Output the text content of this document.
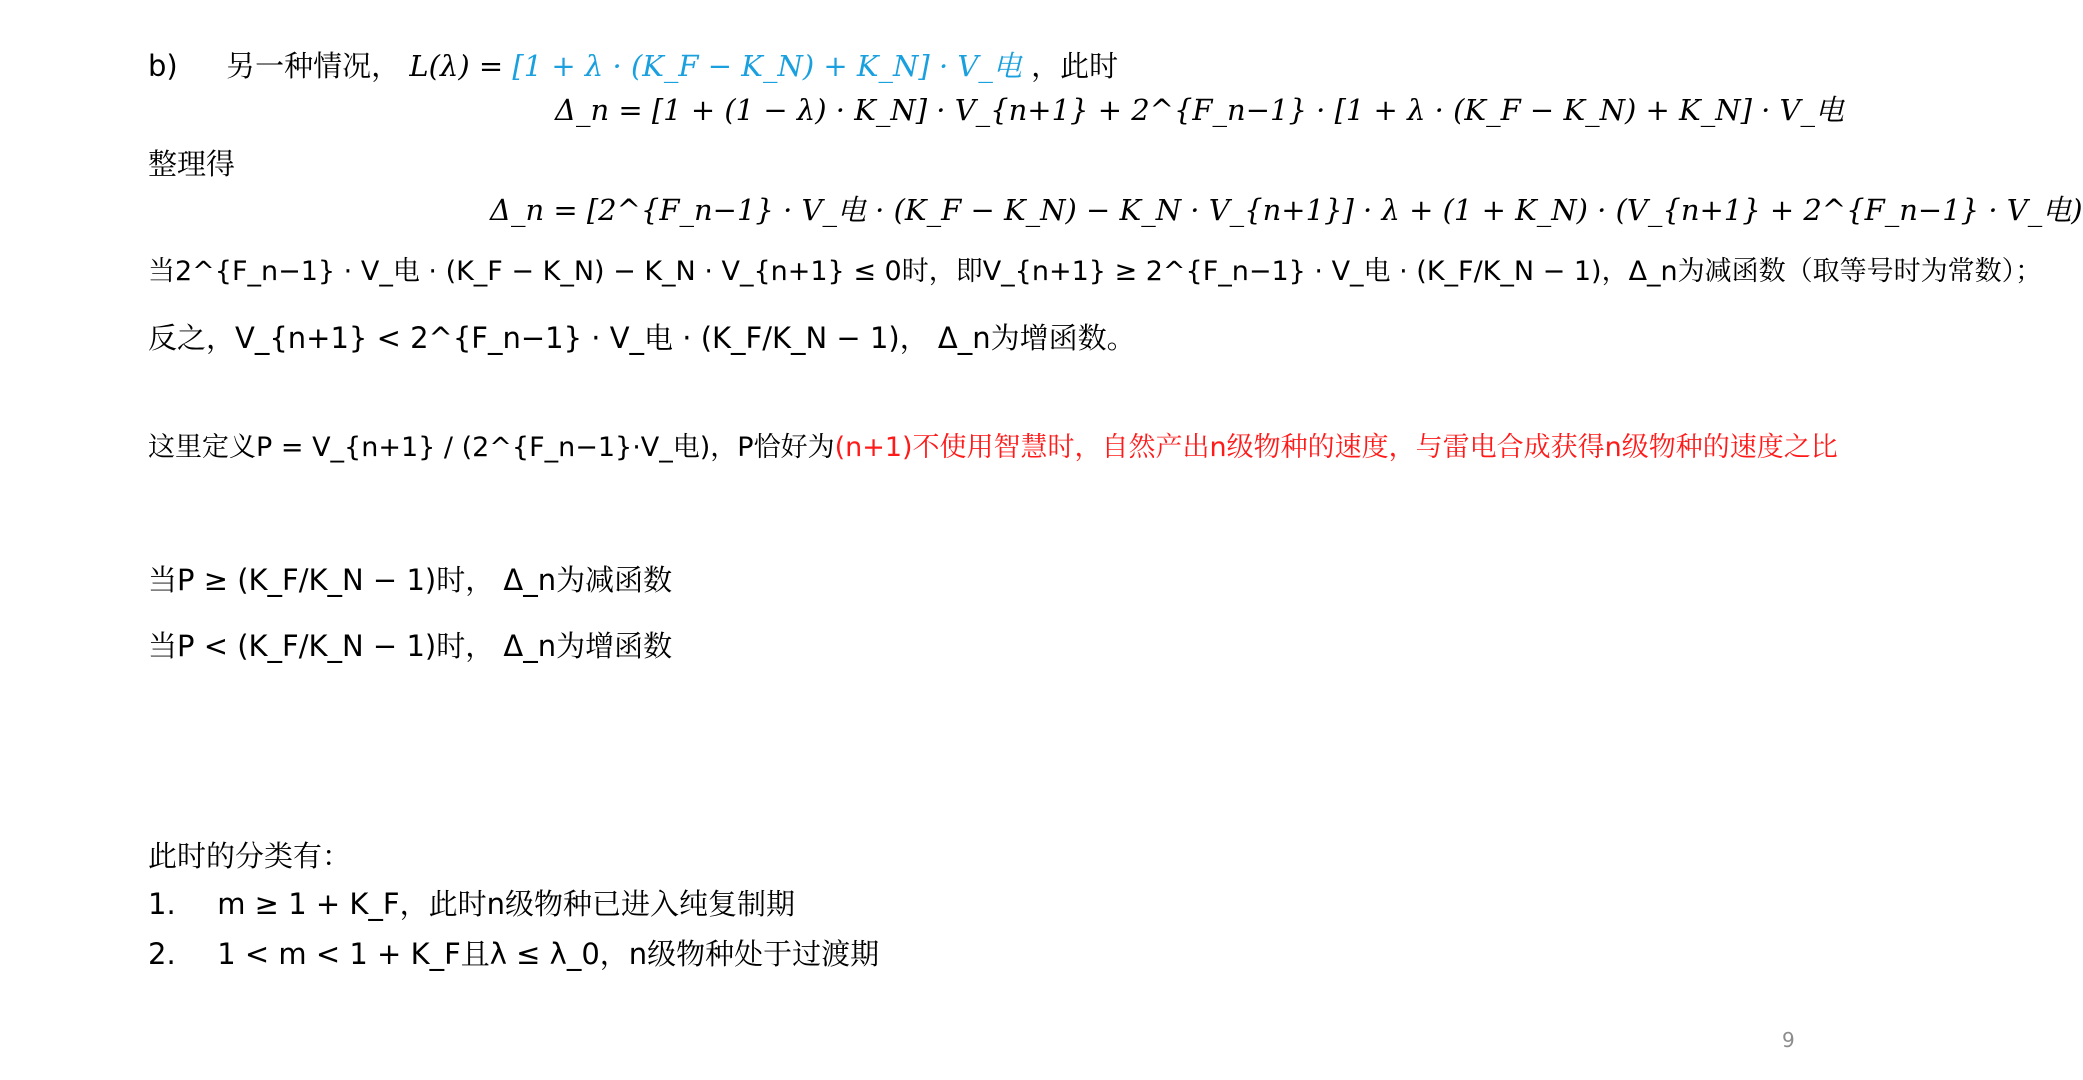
b) 另一种情况， L(λ) = [1 + λ · (K_F − K_N) + K_N] · V_电 ，此时
Δ_n = [1 + (1 − λ) · K_N] · V_{n+1} + 2^{F_n−1} · [1 + λ · (K_F − K_N) + K_N] · V_电
整理得
Δ_n = [2^{F_n−1} · V_电 · (K_F − K_N) − K_N · V_{n+1}] · λ + (1 + K_N) · (V_{n+1} + 2^{F_n−1} · V_电)
当2^{F_n−1} · V_电 · (K_F − K_N) − K_N · V_{n+1} ≤ 0时，即V_{n+1} ≥ 2^{F_n−1} · V_电 · (K_F/K_N − 1)，Δ_n为减函数（取等号时为常数）；
反之，V_{n+1} < 2^{F_n−1} · V_电 · (K_F/K_N − 1)， Δ_n为增函数。
这里定义P = V_{n+1} / (2^{F_n−1}·V_电)，P恰好为(n+1)不使用智慧时，自然产出n级物种的速度，与雷电合成获得n级物种的速度之比
当P ≥ (K_F/K_N − 1)时， Δ_n为减函数
当P < (K_F/K_N − 1)时， Δ_n为增函数
此时的分类有：
1. m ≥ 1 + K_F，此时n级物种已进入纯复制期
2. 1 < m < 1 + K_F且λ ≤ λ_0，n级物种处于过渡期
9
